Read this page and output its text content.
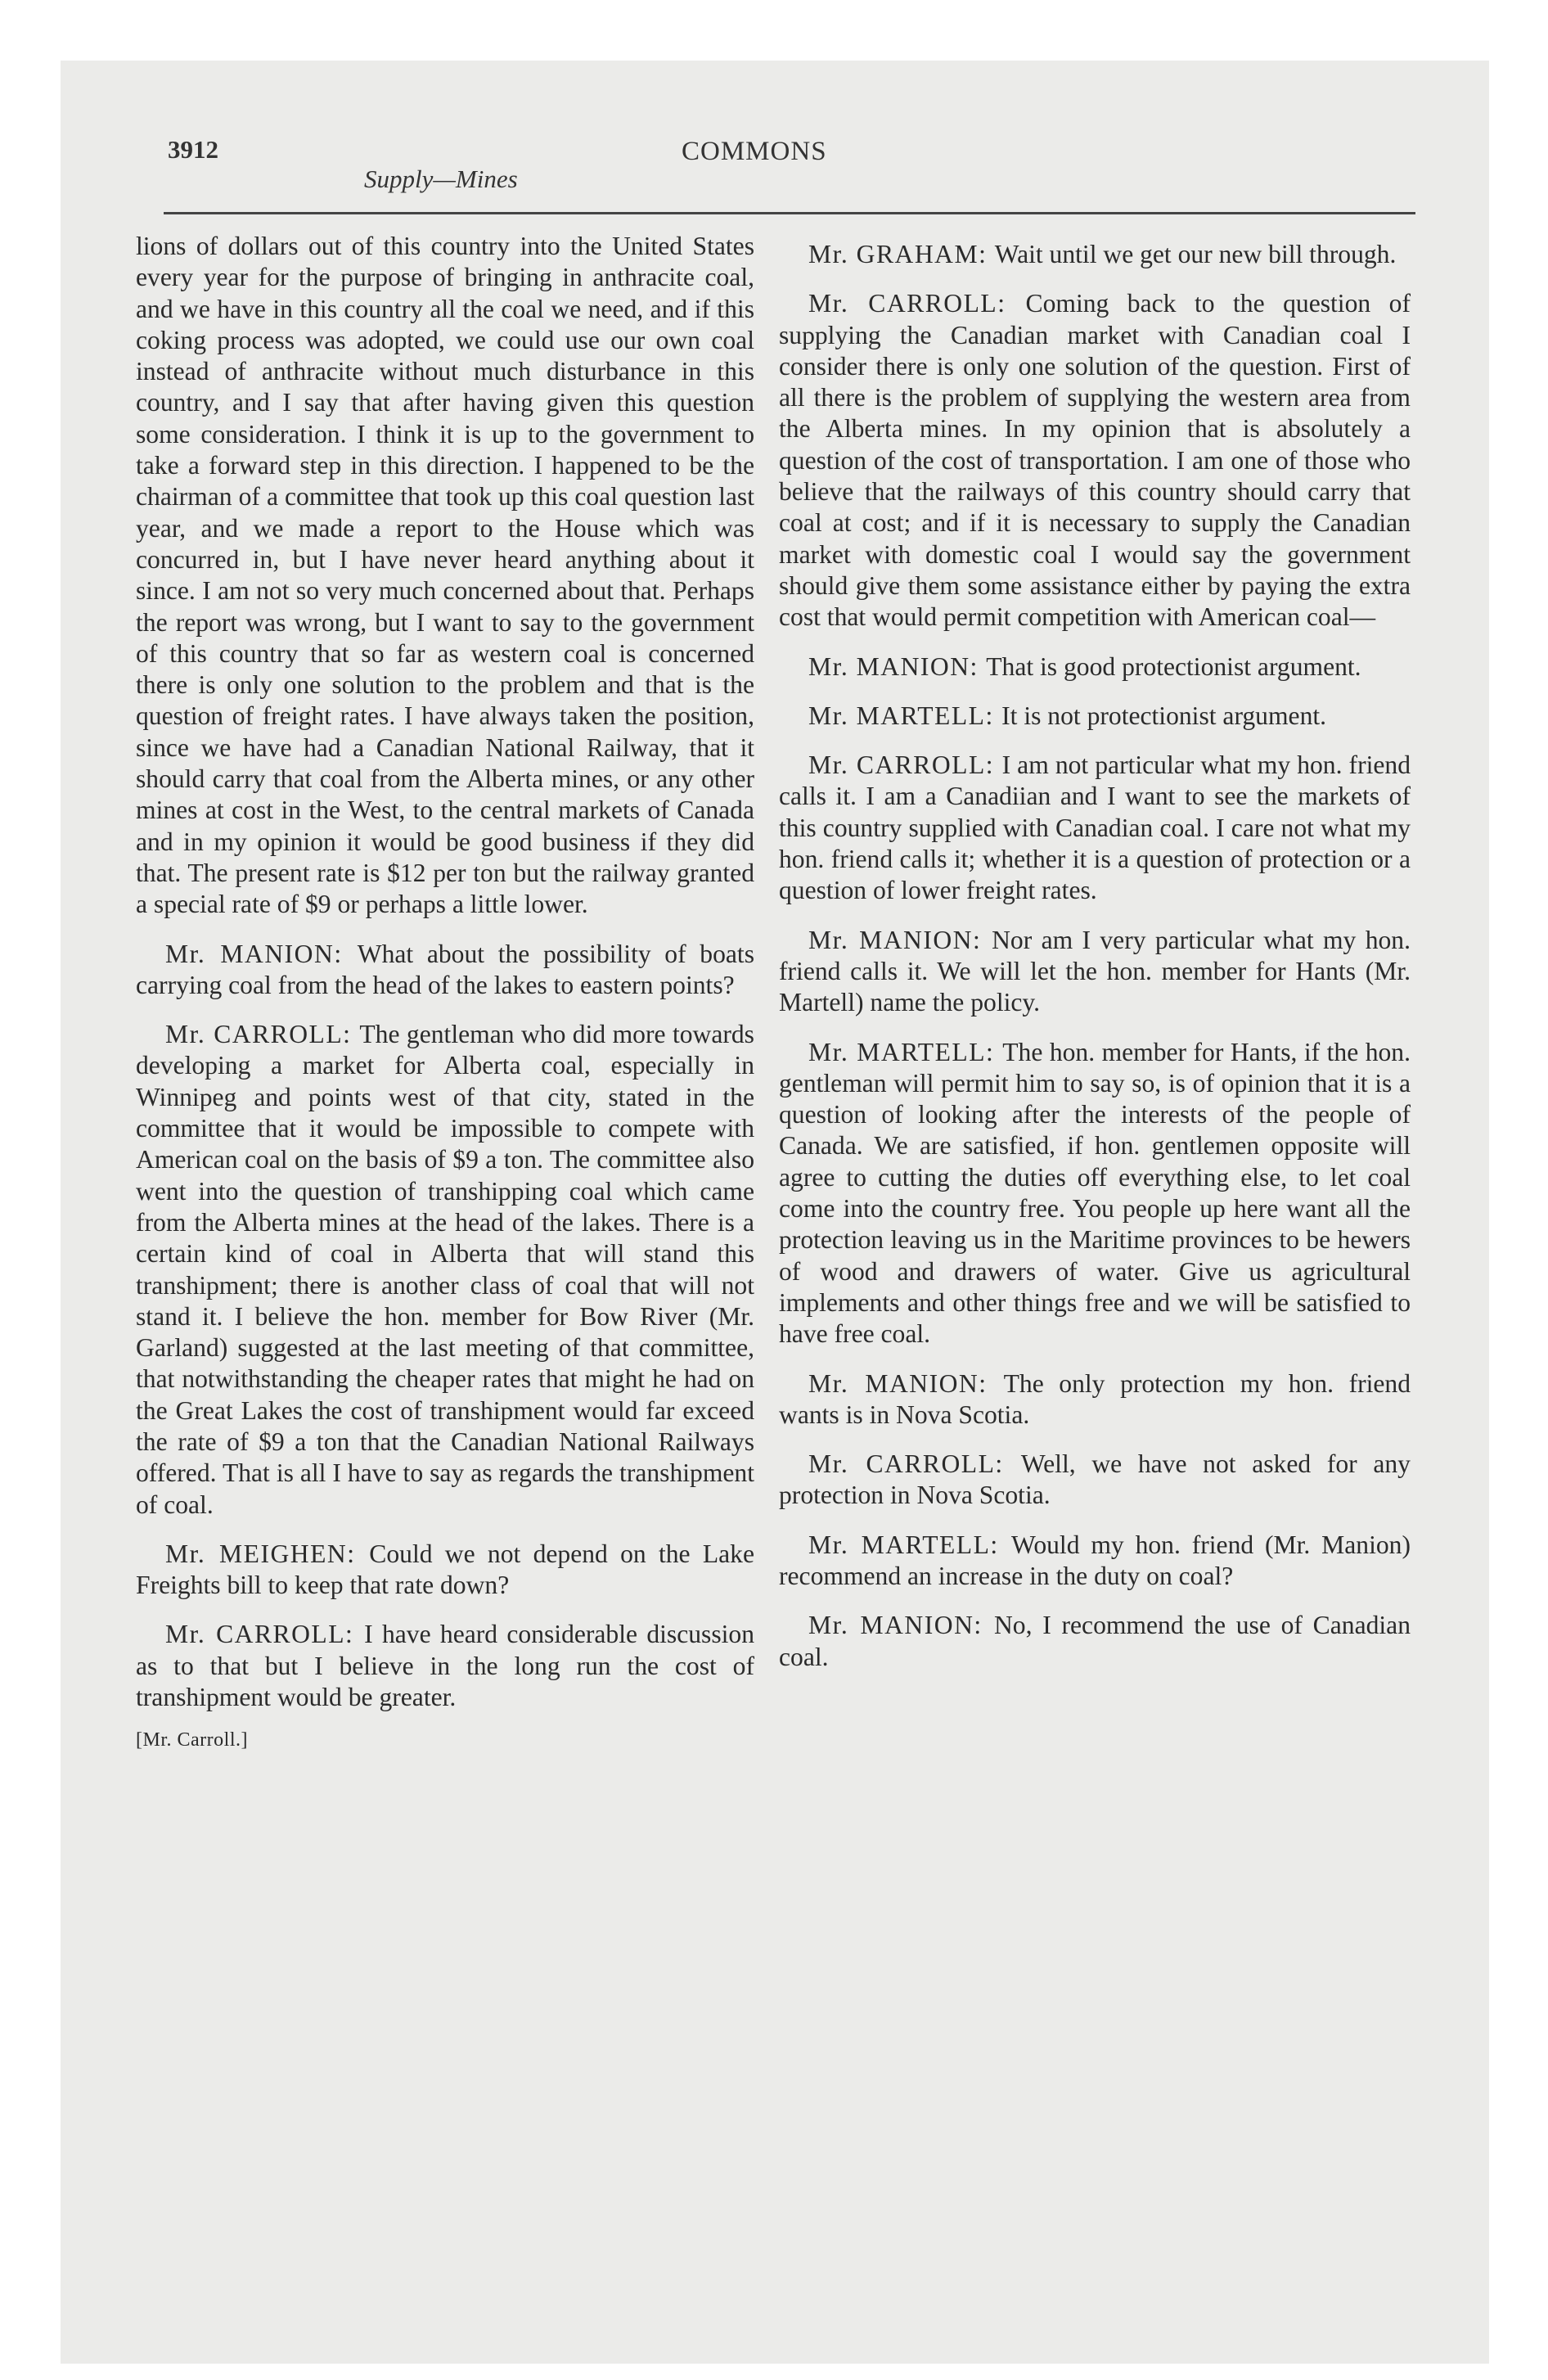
3912
Supply—Mines
COMMONS

lions of dollars out of this country into the United States every year for the purpose of bringing in anthracite coal, and we have in this country all the coal we need, and if this coking process was adopted, we could use our own coal instead of anthracite without much disturbance in this country, and I say that after having given this question some consideration. I think it is up to the government to take a forward step in this direction. I happened to be the chairman of a committee that took up this coal question last year, and we made a report to the House which was concurred in, but I have never heard anything about it since. I am not so very much concerned about that. Perhaps the report was wrong, but I want to say to the government of this country that so far as western coal is concerned there is only one solution to the problem and that is the question of freight rates. I have always taken the position, since we have had a Canadian National Railway, that it should carry that coal from the Alberta mines, or any other mines at cost in the West, to the central markets of Canada and in my opinion it would be good business if they did that. The present rate is $12 per ton but the railway granted a special rate of $9 or perhaps a little lower.

Mr. MANION: What about the possibility of boats carrying coal from the head of the lakes to eastern points?

Mr. CARROLL: The gentleman who did more towards developing a market for Alberta coal, especially in Winnipeg and points west of that city, stated in the committee that it would be impossible to compete with American coal on the basis of $9 a ton. The committee also went into the question of transhipping coal which came from the Alberta mines at the head of the lakes. There is a certain kind of coal in Alberta that will stand this transhipment; there is another class of coal that will not stand it. I believe the hon. member for Bow River (Mr. Garland) suggested at the last meeting of that committee, that notwithstanding the cheaper rates that might he had on the Great Lakes the cost of transhipment would far exceed the rate of $9 a ton that the Canadian National Railways offered. That is all I have to say as regards the transhipment of coal.

Mr. MEIGHEN: Could we not depend on the Lake Freights bill to keep that rate down?

Mr. CARROLL: I have heard considerable discussion as to that but I believe in the long run the cost of transhipment would be greater.

[Mr. Carroll.]

Mr. GRAHAM: Wait until we get our new bill through.

Mr. CARROLL: Coming back to the question of supplying the Canadian market with Canadian coal I consider there is only one solution of the question. First of all there is the problem of supplying the western area from the Alberta mines. In my opinion that is absolutely a question of the cost of transportation. I am one of those who believe that the railways of this country should carry that coal at cost; and if it is necessary to supply the Canadian market with domestic coal I would say the government should give them some assistance either by paying the extra cost that would permit competition with American coal—

Mr. MANION: That is good protectionist argument.

Mr. MARTELL: It is not protectionist argument.

Mr. CARROLL: I am not particular what my hon. friend calls it. I am a Canadiian and I want to see the markets of this country supplied with Canadian coal. I care not what my hon. friend calls it; whether it is a question of protection or a question of lower freight rates.

Mr. MANION: Nor am I very particular what my hon. friend calls it. We will let the hon. member for Hants (Mr. Martell) name the policy.

Mr. MARTELL: The hon. member for Hants, if the hon. gentleman will permit him to say so, is of opinion that it is a question of looking after the interests of the people of Canada. We are satisfied, if hon. gentlemen opposite will agree to cutting the duties off everything else, to let coal come into the country free. You people up here want all the protection leaving us in the Maritime provinces to be hewers of wood and drawers of water. Give us agricultural implements and other things free and we will be satisfied to have free coal.

Mr. MANION: The only protection my hon. friend wants is in Nova Scotia.

Mr. CARROLL: Well, we have not asked for any protection in Nova Scotia.

Mr. MARTELL: Would my hon. friend (Mr. Manion) recommend an increase in the duty on coal?

Mr. MANION: No, I recommend the use of Canadian coal.
